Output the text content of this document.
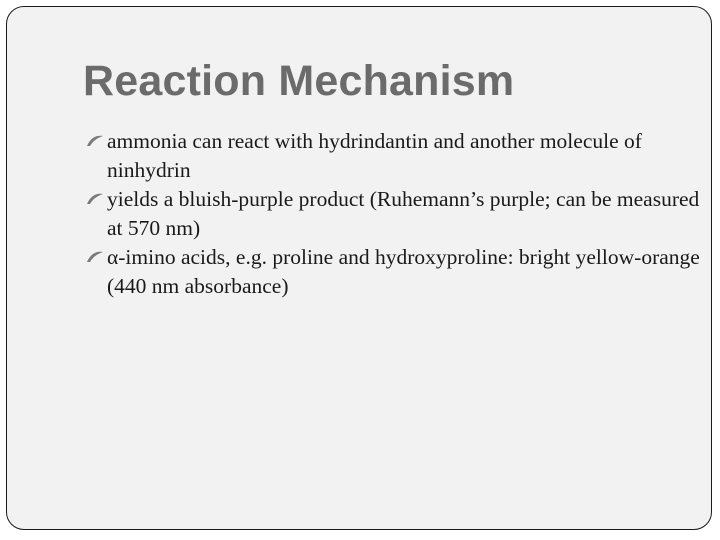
Reaction Mechanism
ammonia can react with hydrindantin and another molecule of ninhydrin
yields a bluish-purple product (Ruhemann’s purple; can be measured at 570 nm)
α-imino acids, e.g. proline and hydroxyproline: bright yellow-orange (440 nm absorbance)
